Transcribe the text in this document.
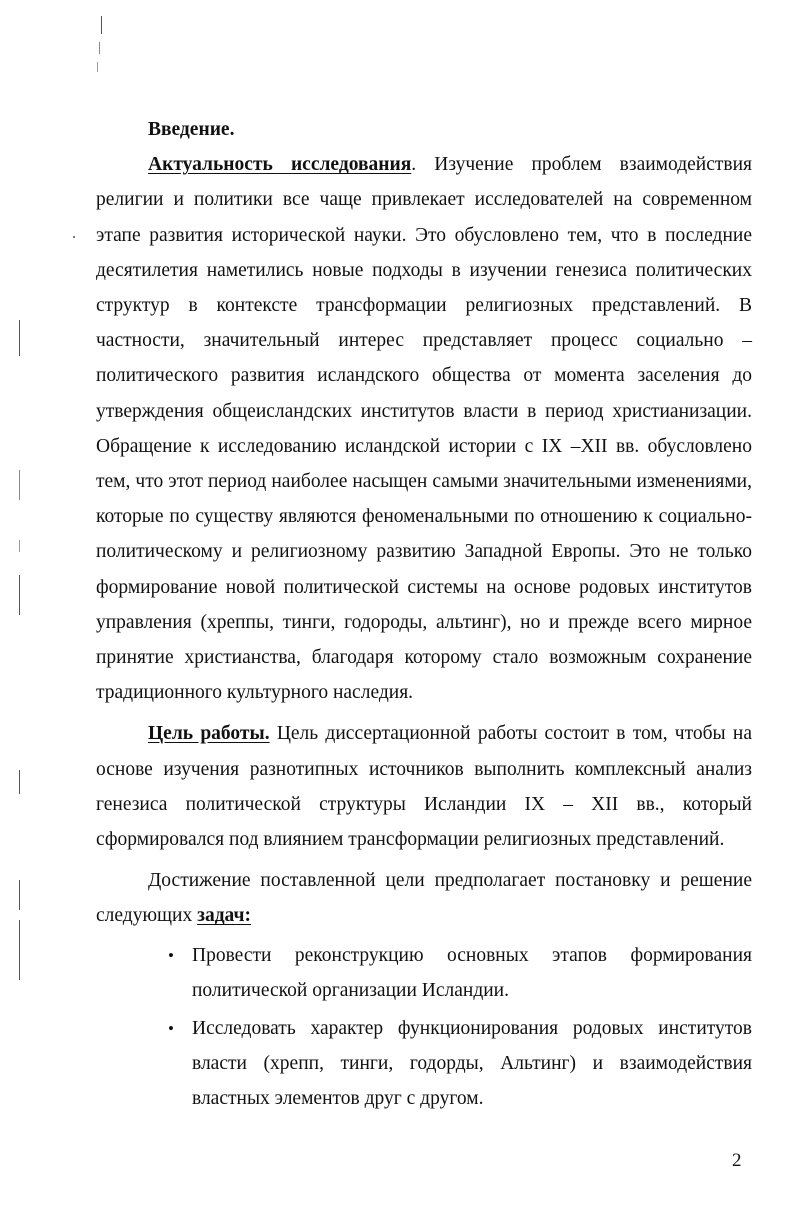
Введение.

Актуальность исследования. Изучение проблем взаимодействия религии и политики все чаще привлекает исследователей на современном этапе развития исторической науки. Это обусловлено тем, что в последние десятилетия наметились новые подходы в изучении генезиса политических структур в контексте трансформации религиозных представлений. В частности, значительный интерес представляет процесс социально – политического развития исландского общества от момента заселения до утверждения общеисландских институтов власти в период христианизации. Обращение к исследованию исландской истории с IX –XII вв. обусловлено тем, что этот период наиболее насыщен самыми значительными изменениями, которые по существу являются феноменальными по отношению к социально-политическому и религиозному развитию Западной Европы. Это не только формирование новой политической системы на основе родовых институтов управления (хреппы, тинги, годороды, альтинг), но и прежде всего мирное принятие христианства, благодаря которому стало возможным сохранение традиционного культурного наследия.

Цель работы. Цель диссертационной работы состоит в том, чтобы на основе изучения разнотипных источников выполнить комплексный анализ генезиса политической структуры Исландии IX – XII вв., который сформировался под влиянием трансформации религиозных представлений.

Достижение поставленной цели предполагает постановку и решение следующих задач:

• Провести реконструкцию основных этапов формирования политической организации Исландии.
• Исследовать характер функционирования родовых институтов власти (хрепп, тинги, годорды, Альтинг) и взаимодействия властных элементов друг с другом.
2
